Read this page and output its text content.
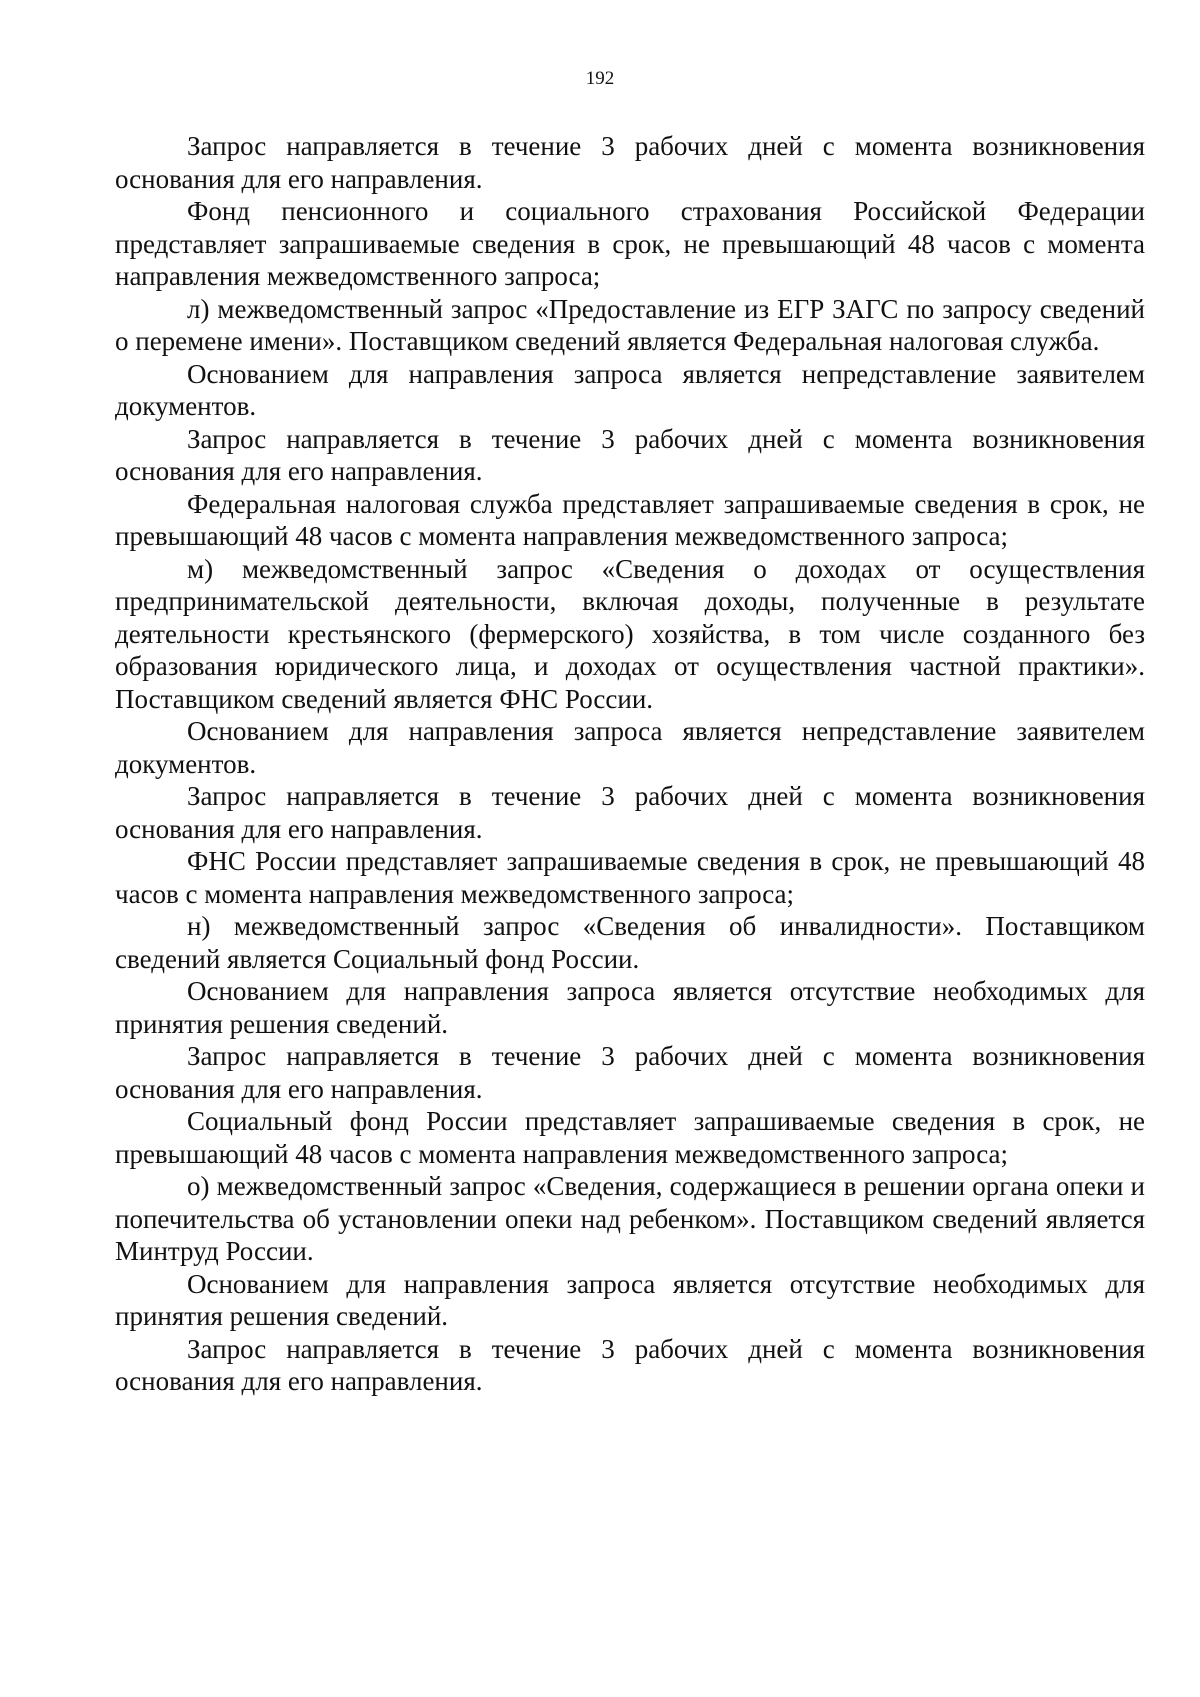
192

Запрос направляется в течение 3 рабочих дней с момента возникновения основания для его направления.

Фонд пенсионного и социального страхования Российской Федерации представляет запрашиваемые сведения в срок, не превышающий 48 часов с момента направления межведомственного запроса;

л) межведомственный запрос «Предоставление из ЕГР ЗАГС по запросу сведений о перемене имени». Поставщиком сведений является Федеральная налоговая служба.

Основанием для направления запроса является непредставление заявителем документов.

Запрос направляется в течение 3 рабочих дней с момента возникновения основания для его направления.

Федеральная налоговая служба представляет запрашиваемые сведения в срок, не превышающий 48 часов с момента направления межведомственного запроса;

м) межведомственный запрос «Сведения о доходах от осуществления предпринимательской деятельности, включая доходы, полученные в результате деятельности крестьянского (фермерского) хозяйства, в том числе созданного без образования юридического лица, и доходах от осуществления частной практики». Поставщиком сведений является ФНС России.

Основанием для направления запроса является непредставление заявителем документов.

Запрос направляется в течение 3 рабочих дней с момента возникновения основания для его направления.

ФНС России представляет запрашиваемые сведения в срок, не превышающий 48 часов с момента направления межведомственного запроса;

н) межведомственный запрос «Сведения об инвалидности». Поставщиком сведений является Социальный фонд России.

Основанием для направления запроса является отсутствие необходимых для принятия решения сведений.

Запрос направляется в течение 3 рабочих дней с момента возникновения основания для его направления.

Социальный фонд России представляет запрашиваемые сведения в срок, не превышающий 48 часов с момента направления межведомственного запроса;

о) межведомственный запрос «Сведения, содержащиеся в решении органа опеки и попечительства об установлении опеки над ребенком». Поставщиком сведений является Минтруд России.

Основанием для направления запроса является отсутствие необходимых для принятия решения сведений.

Запрос направляется в течение 3 рабочих дней с момента возникновения основания для его направления.
